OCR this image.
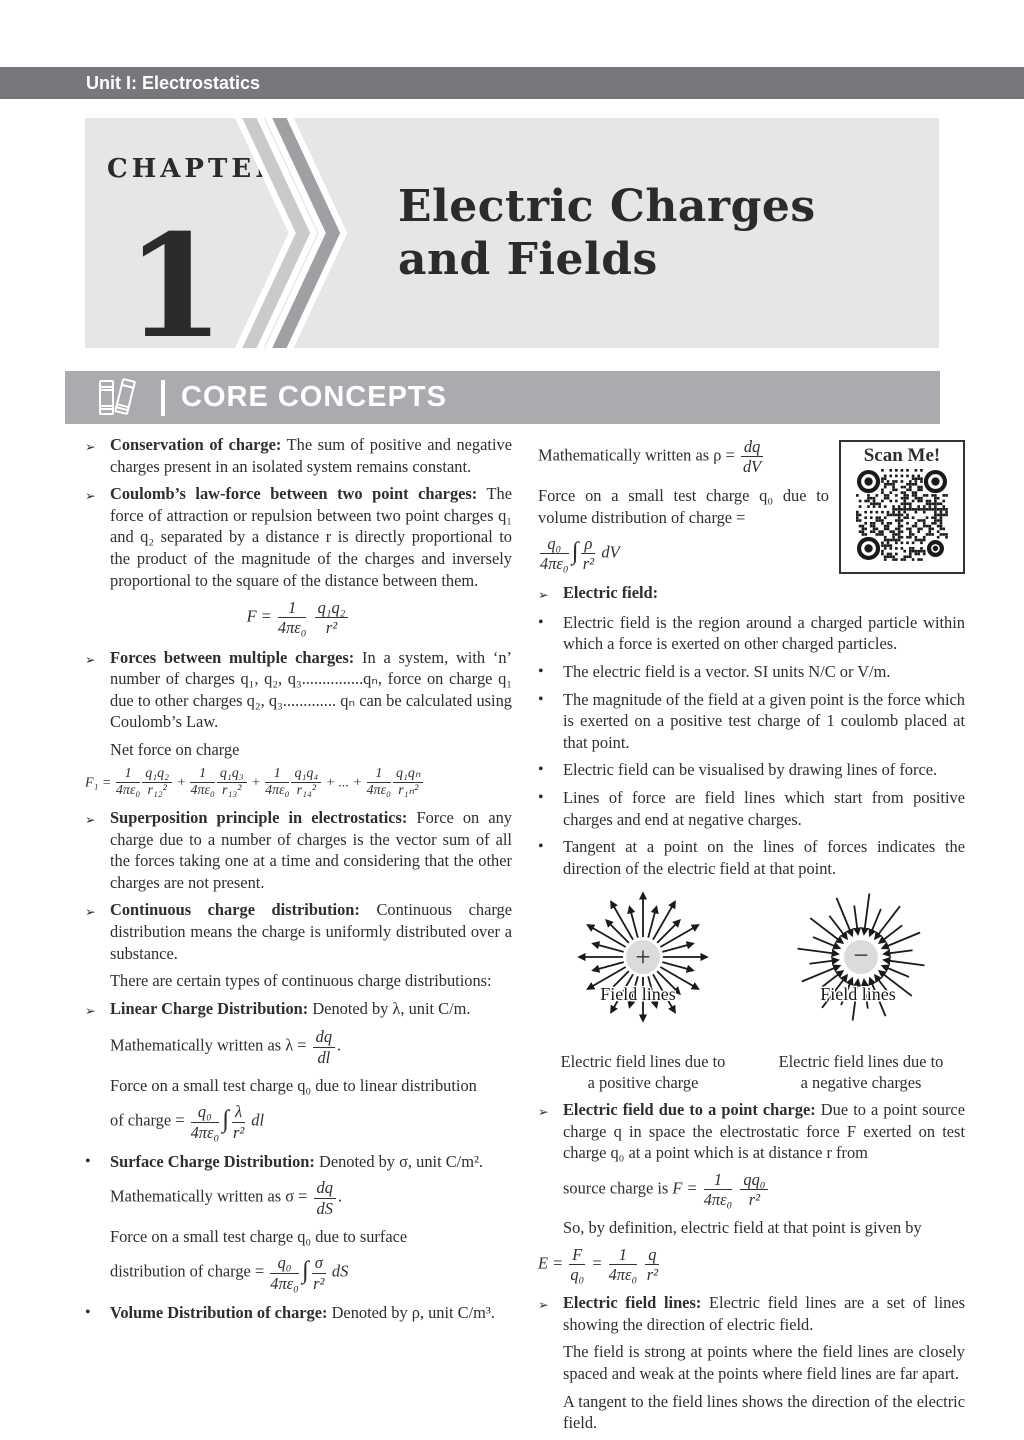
Unit I: Electrostatics
CHAPTER
1	Electric Charges
and Fields
CORE CONCEPTS
➢ Conservation of charge: The sum of positive and negative charges present in an isolated system remains constant.
➢ Coulomb’s law-force between two point charges: The force of attraction or repulsion between two point charges q₁ and q₂ separated by a distance r is directly proportional to the product of the magnitude of the charges and inversely proportional to the square of the distance between them.
$F = \frac{1}{\text{4πε₀}}$
$\frac{\text{q₁q₂}}{\text{r²}}$
➢ Forces between multiple charges: In a system, with ‘n’ number of charges q₁, q₂, q₃...............qₙ, force on charge q₁ due to other charges q₂, q₃............. qₙ can be calculated using Coulomb’s Law.
Net force on charge
$F_1 = \frac{1}{\text{4πε₀}} \frac{\text{q₁q₂}}{\text{r₁₂²}} + \frac{1}{\text{4πε₀}} \frac{\text{q₁q₃}}{\text{r₁₃²}} + \frac{1}{\text{4πε₀}} \frac{\text{q₁q₄}}{\text{r₁₄²}}$ + ... + $\frac{1}{\text{4πε₀}} \frac{\text{q₁qₙ}}{\text{r₁ₙ²}}$
➢ Superposition principle in electrostatics: Force on any charge due to a number of charges is the vector sum of all the forces taking one at a time and considering that the other charges are not present.
➢ Continuous charge distribution: Continuous charge distribution means the charge is uniformly distributed over a substance.
There are certain types of continuous charge distributions:
➢ Linear Charge Distribution: Denoted by λ, unit C/m.
Mathematically written as $\lambda = \frac{dq}{dl}$ .
Force on a small test charge q₀ due to linear distribution
of charge = $\frac{\text{q₀}}{\text{4πε₀}}$ ∫ $\frac{\lambda}{\text{r²}}$ dl
•	Surface Charge Distribution: Denoted by σ, unit C/m².
Mathematically written as $\sigma = \frac{dq}{dS}$ .
Force on a small test charge q₀ due to surface
distribution of charge = $\frac{\text{q₀}}{\text{4πε₀}}$ ∫ $\frac{\sigma}{\text{r²}}$ dS
•	Volume Distribution of charge: Denoted by ρ, unit C/m³.
Scan Me!
Mathematically written as $\rho = \frac{dq}{dV}$
Force on a small test charge q₀ due to volume distribution of charge =
$\frac{\text{q₀}}{\text{4πε₀}}$ ∫ $\frac{\rho}{\text{r²}}$ dV
➢ Electric field:
•	Electric field is the region around a charged particle within which a force is exerted on other charged particles.
•	The electric field is a vector. SI units N/C or V/m.
•	The magnitude of the field at a given point is the force which is exerted on a positive test charge of 1 coulomb placed at that point.
•	Electric field can be visualised by drawing lines of force.
•	Lines of force are field lines which start from positive charges and end at negative charges.
•	Tangent at a point on the lines of forces indicates the direction of the electric field at that point.
+
Field lines
Electric field lines due to
a positive charge
−
Field lines
Electric field lines due to
a negative charges
➢ Electric field due to a point charge: Due to a point source charge q in space the electrostatic force F exerted on test charge q₀ at a point which is at distance r from
source charge is $F = \frac{1}{\text{4πε₀}}$
$\frac{\text{qq₀}}{\text{r²}}$
So, by definition, electric field at that point is given by
$E = \frac{F}{\text{q₀}} = \frac{1}{\text{4πε₀}}$
$\frac{q}{\text{r²}}$
➢ Electric field lines: Electric field lines are a set of lines showing the direction of electric field.
The field is strong at points where the field lines are closely spaced and weak at the points where field lines are far apart.
A tangent to the field lines shows the direction of the electric field.
